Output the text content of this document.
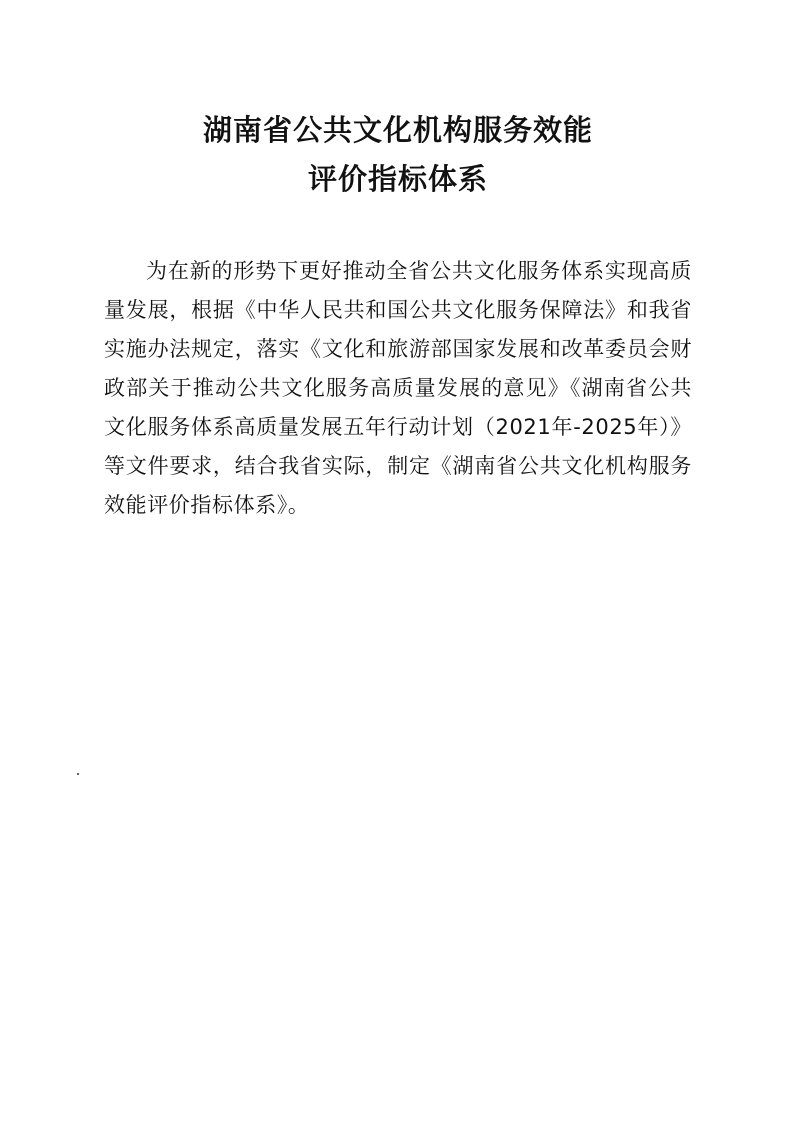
湖南省公共文化机构服务效能
评价指标体系

为在新的形势下更好推动全省公共文化服务体系实现高质量发展，根据《中华人民共和国公共文化服务保障法》和我省实施办法规定，落实《文化和旅游部国家发展和改革委员会财政部关于推动公共文化服务高质量发展的意见》《湖南省公共文化服务体系高质量发展五年行动计划（2021年-2025年）》等文件要求，结合我省实际，制定《湖南省公共文化机构服务效能评价指标体系》。
